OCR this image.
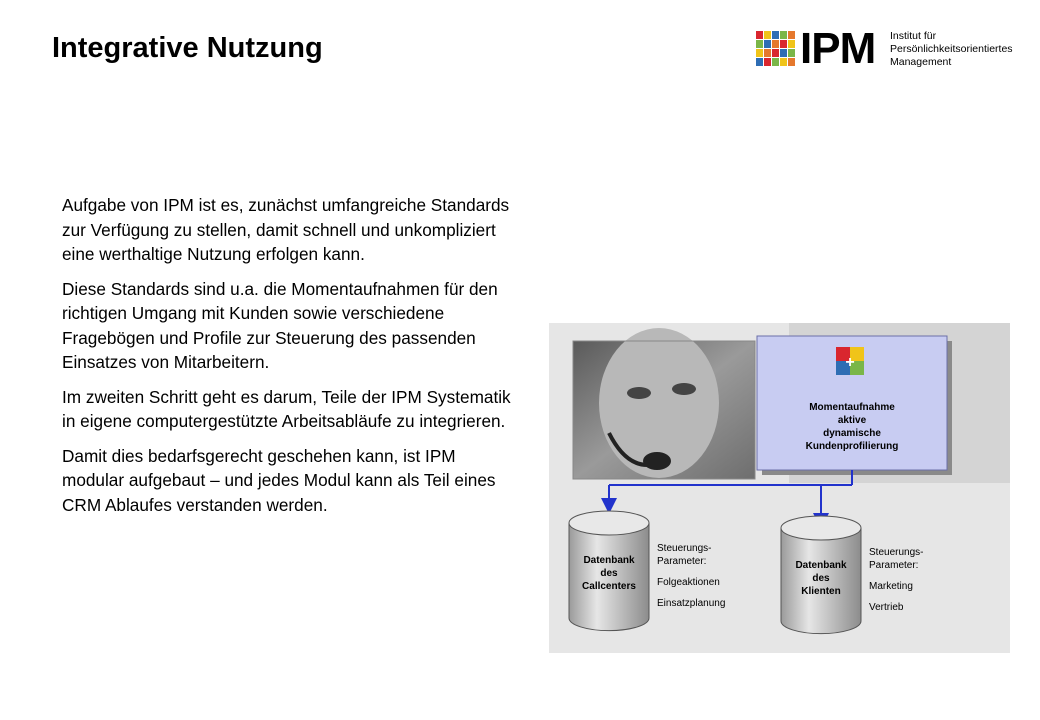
Integrative Nutzung	IPM Institut für
Persönlichkeitsorientiertes
Management

Aufgabe von IPM ist es, zunächst umfangreiche Standards zur Verfügung zu stellen, damit schnell und unkompliziert eine werthaltige Nutzung erfolgen kann.

Diese Standards sind u.a. die Momentaufnahmen für den richtigen Umgang mit Kunden sowie verschiedene Fragebögen und Profile zur Steuerung des passenden Einsatzes von Mitarbeitern.

Im zweiten Schritt geht es darum, Teile der IPM Systematik in eigene computergestützte Arbeitsabläufe zu integrieren.

Damit dies bedarfsgerecht geschehen kann, ist IPM modular aufgebaut – und jedes Modul kann als Teil eines CRM Ablaufes verstanden werden.

+
Momentaufnahme
aktive
dynamische
Kundenprofilierung
Datenbank
des
Callcenters
Steuerungs-
Parameter:
Folgeaktionen
Einsatzplanung
Datenbank
des
Klienten
Steuerungs-
Parameter:
Marketing
Vertrieb
